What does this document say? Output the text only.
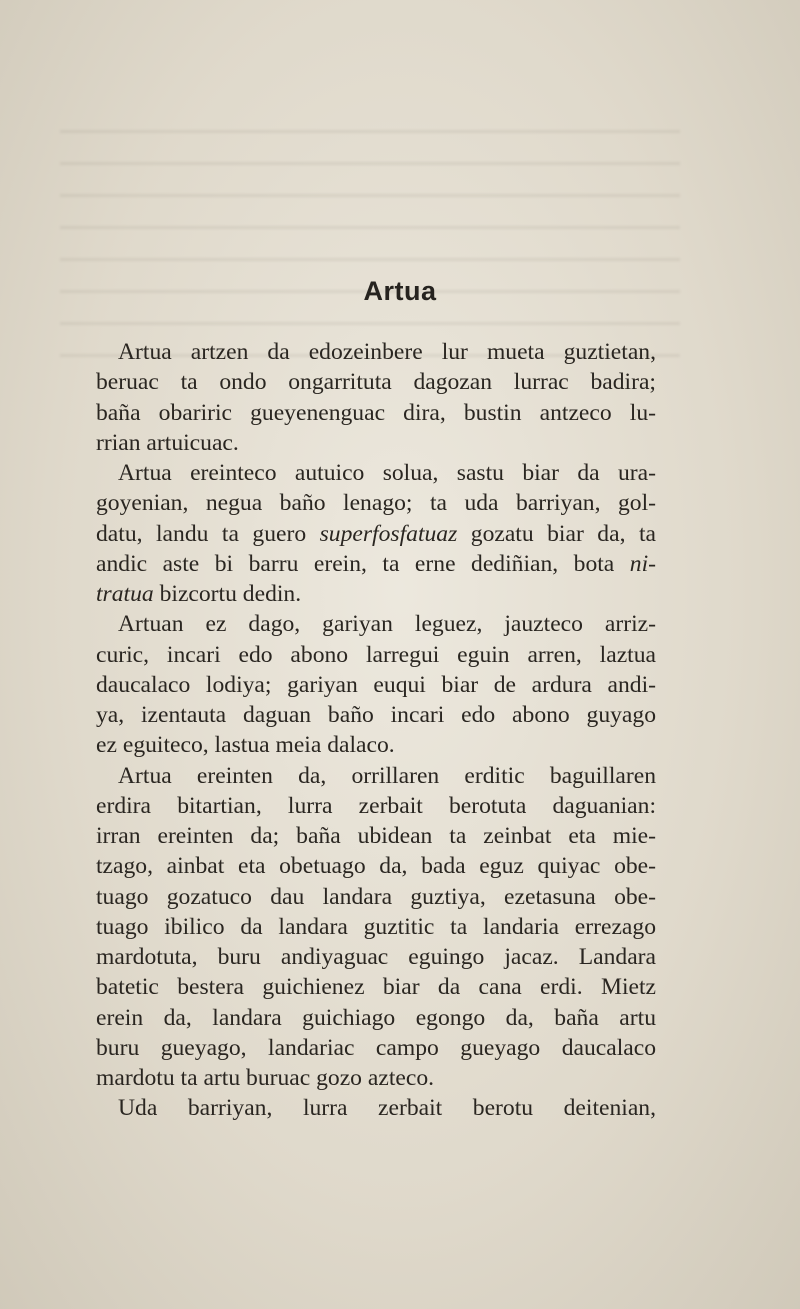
Artua
Artua artzen da edozeinbere lur mueta guztietan,
beruac ta ondo ongarrituta dagozan lurrac badira;
baña obariric gueyenenguac dira, bustin antzeco lu-
rrian artuicuac.
Artua ereinteco autuico solua, sastu biar da ura-
goyenian, negua baño lenago; ta uda barriyan, gol-
datu, landu ta guero superfosfatuaz gozatu biar da, ta
andic aste bi barru erein, ta erne dediñian, bota ni-
tratua bizcortu dedin.
Artuan ez dago, gariyan leguez, jauzteco arriz-
curic, incari edo abono larregui eguin arren, laztua
daucalaco lodiya; gariyan euqui biar de ardura andi-
ya, izentauta daguan baño incari edo abono guyago
ez eguiteco, lastua meia dalaco.
Artua ereinten da, orrillaren erditic baguillaren
erdira bitartian, lurra zerbait berotuta daguanian:
irran ereinten da; baña ubidean ta zeinbat eta mie-
tzago, ainbat eta obetuago da, bada eguz quiyac obe-
tuago gozatuco dau landara guztiya, ezetasuna obe-
tuago ibilico da landara guztitic ta landaria errezago
mardotuta, buru andiyaguac eguingo jacaz. Landara
batetic bestera guichienez biar da cana erdi. Mietz
erein da, landara guichiago egongo da, baña artu
buru gueyago, landariac campo gueyago daucalaco
mardotu ta artu buruac gozo azteco.
Uda barriyan, lurra zerbait berotu deitenian,
